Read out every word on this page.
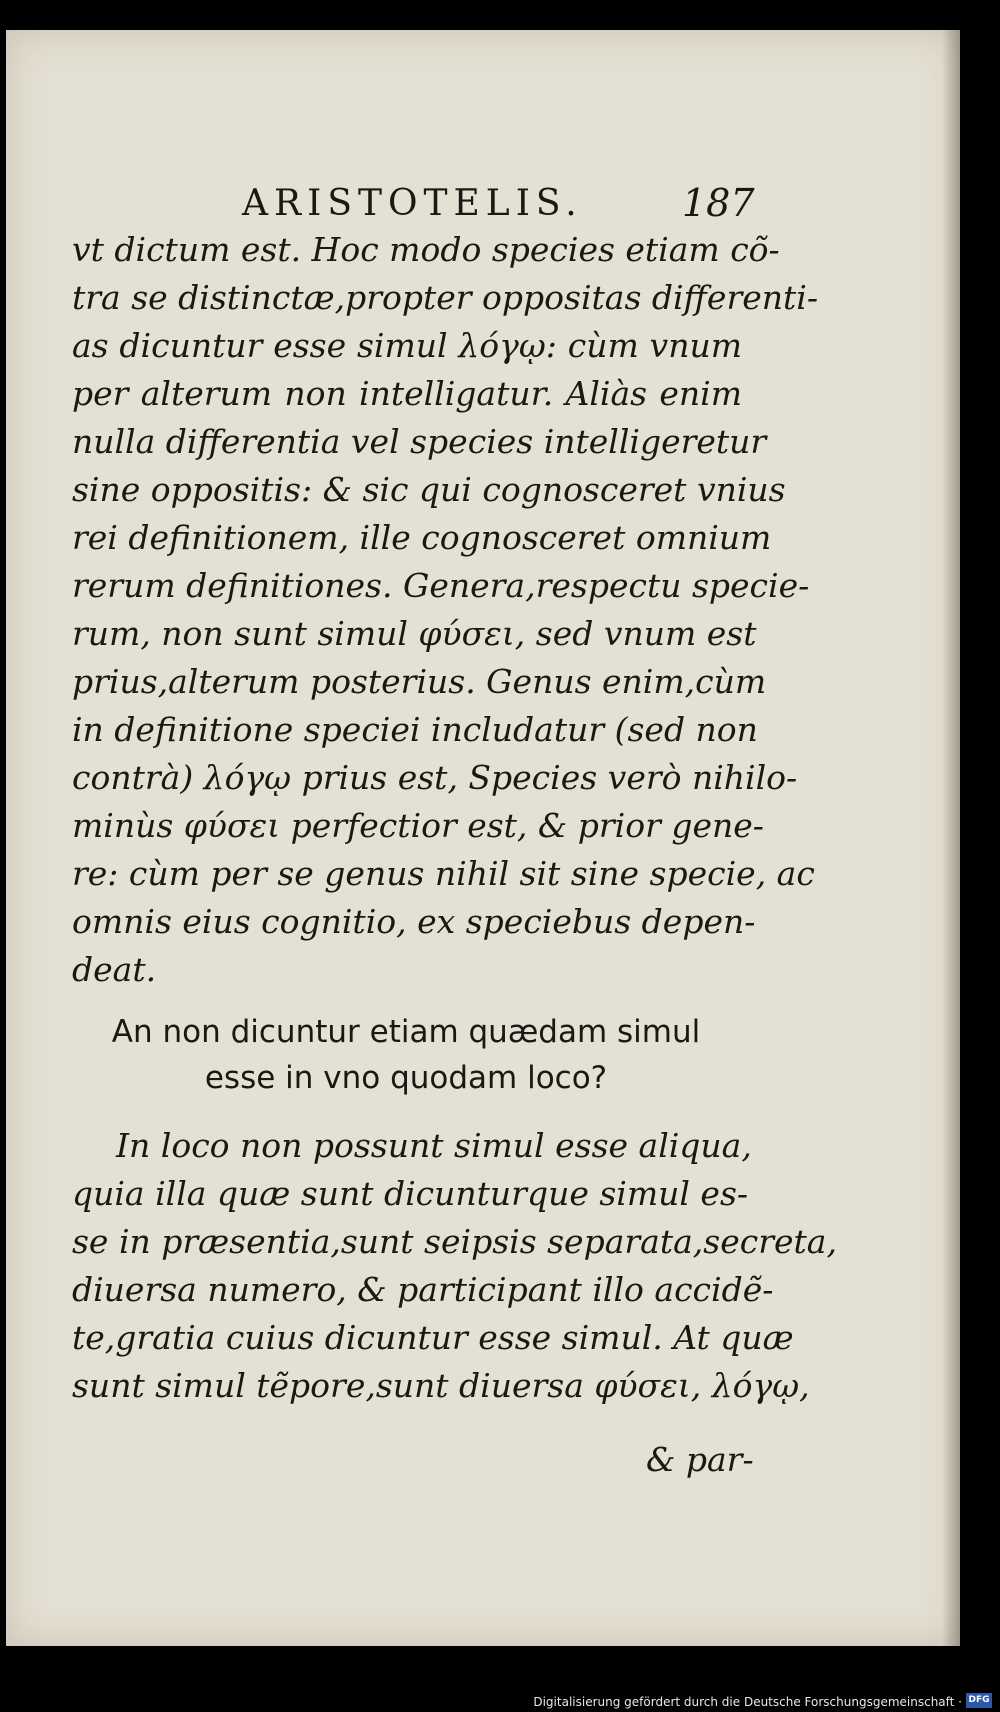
ARISTOTELIS.	187
vt dictum est. Hoc modo species etiam cõ-
tra se distinctæ,propter oppositas differenti-
as dicuntur esse simul λόγῳ: cùm vnum
per alterum non intelligatur. Aliàs enim
nulla differentia vel species intelligeretur
sine oppositis: & sic qui cognosceret vnius
rei definitionem, ille cognosceret omnium
rerum definitiones. Genera,respectu specie-
rum, non sunt simul φύσει, sed vnum est
prius,alterum posterius. Genus enim,cùm
in definitione speciei includatur (sed non
contrà) λόγῳ prius est, Species verò nihilo-
minùs φύσει perfectior est, & prior gene-
re: cùm per se genus nihil sit sine specie, ac
omnis eius cognitio, ex speciebus depen-
deat.
An non dicuntur etiam quædam simul
esse in vno quodam loco?
In loco non possunt simul esse aliqua,
quia illa quæ sunt dicunturque simul es-
se in præsentia,sunt seipsis separata,secreta,
diuersa numero, & participant illo accidẽ-
te,gratia cuius dicuntur esse simul. At quæ
sunt simul tẽpore,sunt diuersa φύσει, λόγῳ,
& par-
Digitalisierung gefördert durch die Deutsche Forschungsgemeinschaft · DFG
